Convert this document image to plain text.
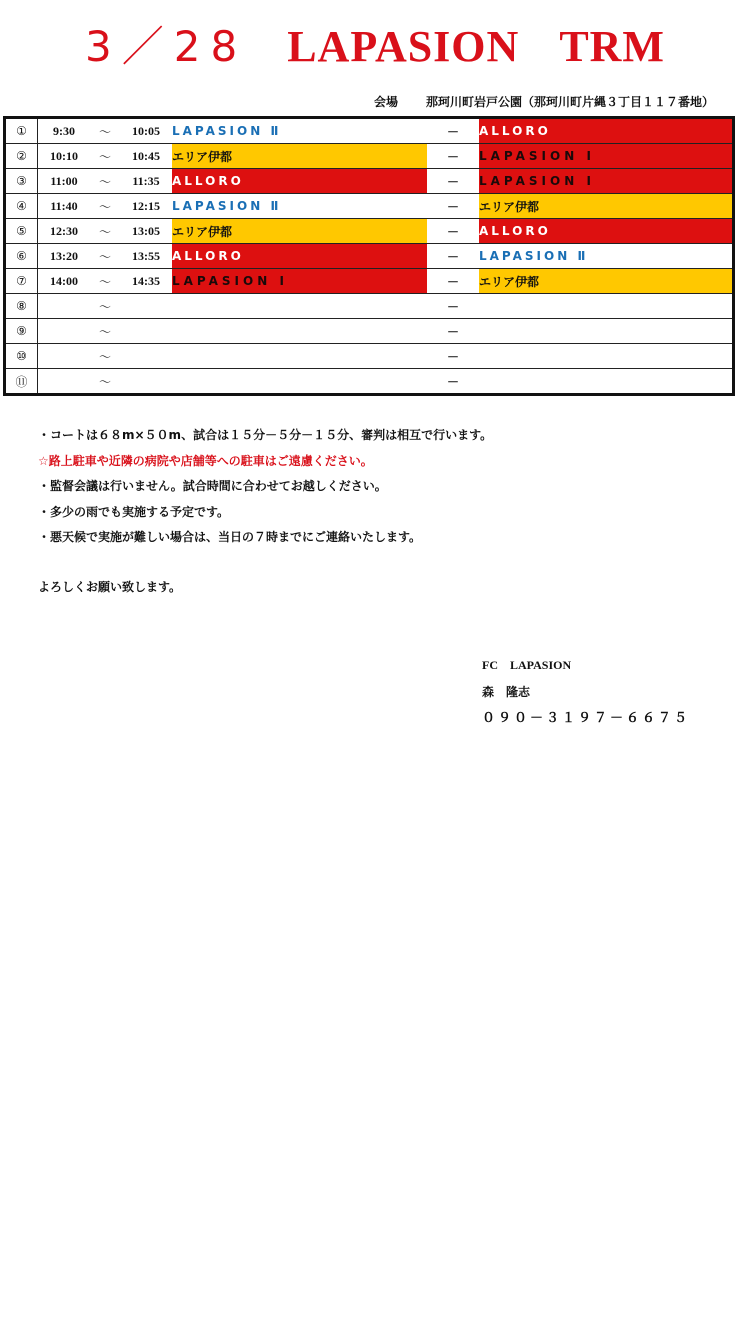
3／28 LAPASION TRM
会場 那珂川町岩戸公園（那珂川町片縄３丁目１１７番地）
①	9:30	～	10:05	LAPASION Ⅱ	－	ALLORO
②	10:10	～	10:45	エリア伊都	－	LAPASION Ⅰ
③	11:00	～	11:35	ALLORO	－	LAPASION Ⅰ
④	11:40	～	12:15	LAPASION Ⅱ	－	エリア伊都
⑤	12:30	～	13:05	エリア伊都	－	ALLORO
⑥	13:20	～	13:55	ALLORO	－	LAPASION Ⅱ
⑦	14:00	～	14:35	LAPASION Ⅰ	－	エリア伊都
⑧		～			－	
⑨		～			－	
⑩		～			－	
⑪		～			－	
・コートは６８m×５０m、試合は１５分－５分－１５分、審判は相互で行います。
☆路上駐車や近隣の病院や店舗等への駐車はご遠慮ください。
・監督会議は行いません。試合時間に合わせてお越しください。
・多少の雨でも実施する予定です。
・悪天候で実施が難しい場合は、当日の７時までにご連絡いたします。
よろしくお願い致します。
FC　LAPASION
森　隆志
０９０－３１９７－６６７５
